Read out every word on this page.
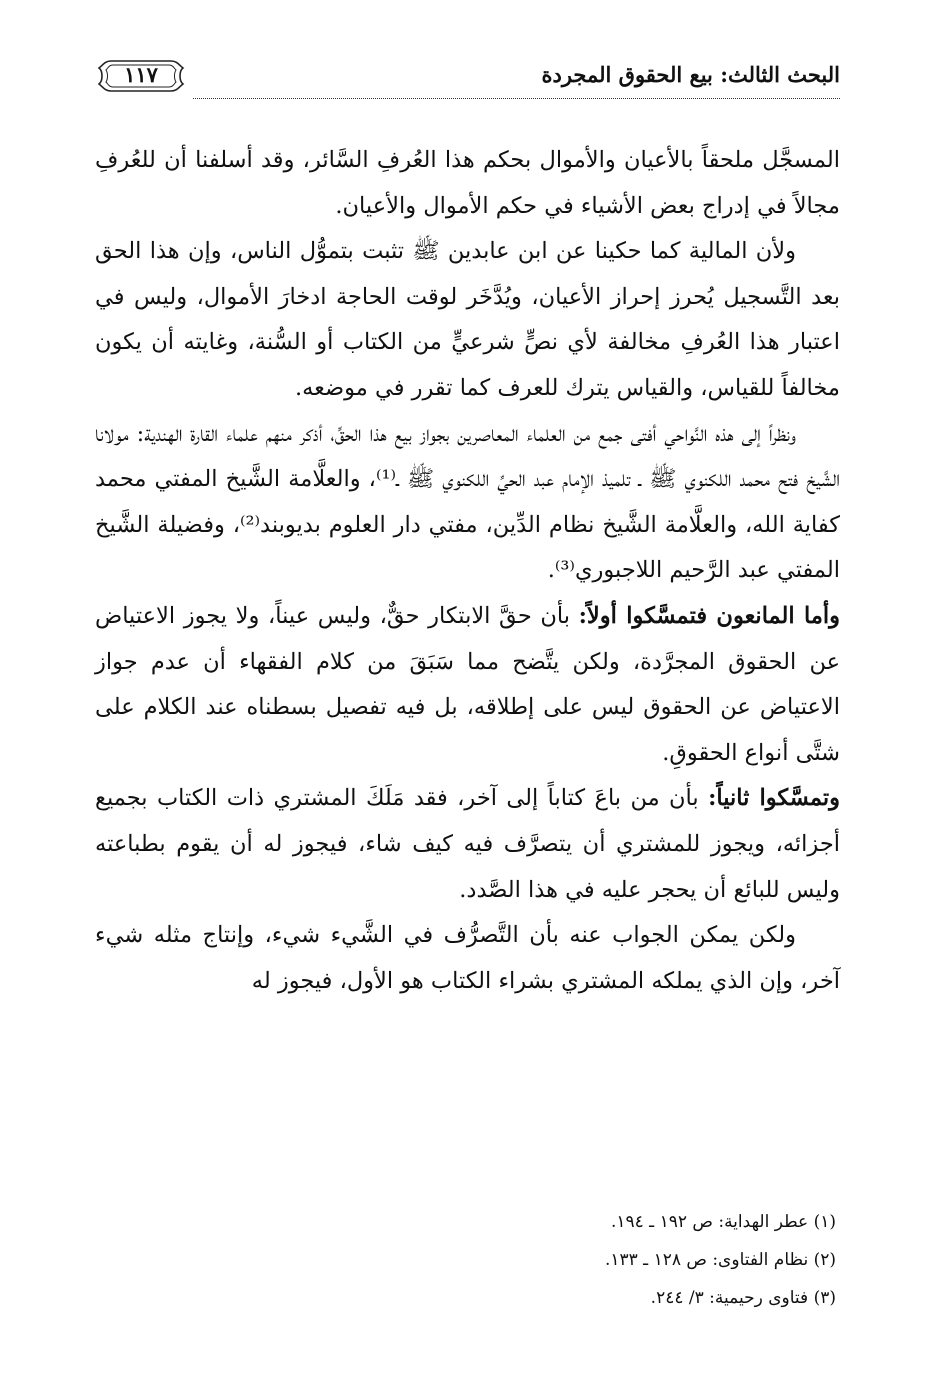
البحث الثالث: بيع الحقوق المجردة
١١٧

المسجَّل ملحقاً بالأعيان والأموال بحكم هذا العُرفِ السَّائر، وقد أسلفنا أن للعُرفِ مجالاً في إدراج بعض الأشياء في حكم الأموال والأعيان.

ولأن المالية كما حكينا عن ابن عابدين ﷺ تثبت بتموُّل الناس، وإن هذا الحق بعد التَّسجيل يُحرز إحراز الأعيان، ويُدَّخَر لوقت الحاجة ادخارَ الأموال، وليس في اعتبار هذا العُرفِ مخالفة لأي نصٍّ شرعيٍّ من الكتاب أو السُّنة، وغايته أن يكون مخالفاً للقياس، والقياس يترك للعرف كما تقرر في موضعه.

ونظراً إلى هذه النَّواحي أفتى جمع من العلماء المعاصرين بجواز بيع هذا الحقِّ، أذكر منهم علماء القارة الهندية: مولانا الشَّيخ فتح محمد اللكنوي ﷺ ـ تلميذ الإمام عبد الحيِّ اللكنوي ﷺ ـ⁽¹⁾، والعلَّامة الشَّيخ المفتي محمد كفاية الله، والعلَّامة الشَّيخ نظام الدِّين، مفتي دار العلوم بديوبند⁽²⁾، وفضيلة الشَّيخ المفتي عبد الرَّحيم اللاجبوري⁽³⁾.

وأما المانعون فتمسَّكوا أولاً: بأن حقَّ الابتكار حقٌّ، وليس عيناً، ولا يجوز الاعتياض عن الحقوق المجرَّدة، ولكن يتَّضح مما سَبَقَ من كلام الفقهاء أن عدم جواز الاعتياض عن الحقوق ليس على إطلاقه، بل فيه تفصيل بسطناه عند الكلام على شتَّى أنواع الحقوقِ.

وتمسَّكوا ثانياً: بأن من باعَ كتاباً إلى آخر، فقد مَلَكَ المشتري ذات الكتاب بجميع أجزائه، ويجوز للمشتري أن يتصرَّف فيه كيف شاء، فيجوز له أن يقوم بطباعته وليس للبائع أن يحجر عليه في هذا الصَّدد.

ولكن يمكن الجواب عنه بأن التَّصرُّف في الشَّيء شيء، وإنتاج مثله شيء آخر، وإن الذي يملكه المشتري بشراء الكتاب هو الأول، فيجوز له

(١) عطر الهداية: ص ١٩٢ ـ ١٩٤.

(٢) نظام الفتاوى: ص ١٢٨ ـ ١٣٣.

(٣) فتاوى رحيمية: ٣/ ٢٤٤.
